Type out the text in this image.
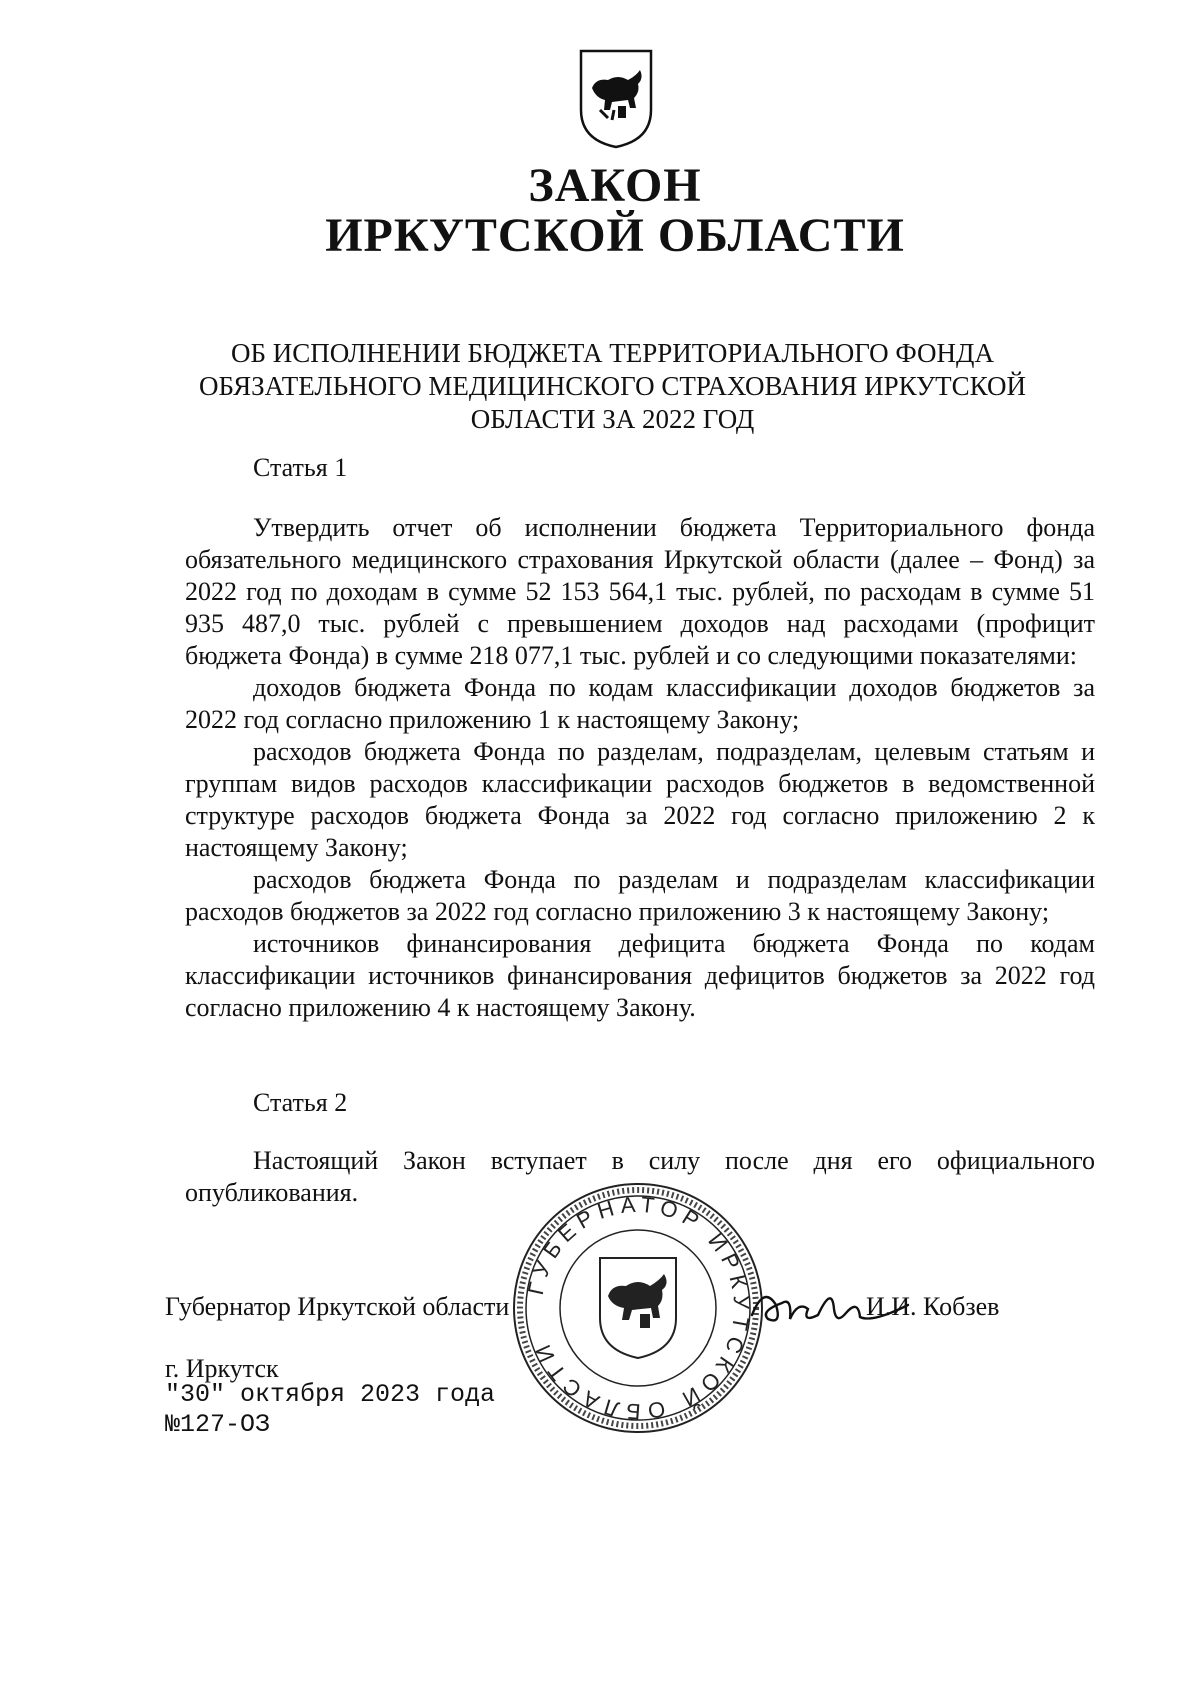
ЗАКОН
ИРКУТСКОЙ ОБЛАСТИ
ОБ ИСПОЛНЕНИИ БЮДЖЕТА ТЕРРИТОРИАЛЬНОГО ФОНДА
ОБЯЗАТЕЛЬНОГО МЕДИЦИНСКОГО СТРАХОВАНИЯ ИРКУТСКОЙ
ОБЛАСТИ ЗА 2022 ГОД
Статья 1

Утвердить отчет об исполнении бюджета Территориального фонда обязательного медицинского страхования Иркутской области (далее – Фонд) за 2022 год по доходам в сумме 52 153 564,1 тыс. рублей, по расходам в сумме 51 935 487,0 тыс. рублей с превышением доходов над расходами (профицит бюджета Фонда) в сумме 218 077,1 тыс. рублей и со следующими показателями:

доходов бюджета Фонда по кодам классификации доходов бюджетов за 2022 год согласно приложению 1 к настоящему Закону;

расходов бюджета Фонда по разделам, подразделам, целевым статьям и группам видов расходов классификации расходов бюджетов в ведомственной структуре расходов бюджета Фонда за 2022 год согласно приложению 2 к настоящему Закону;

расходов бюджета Фонда по разделам и подразделам классификации расходов бюджетов за 2022 год согласно приложению 3 к настоящему Закону;

источников финансирования дефицита бюджета Фонда по кодам классификации источников финансирования дефицитов бюджетов за 2022 год согласно приложению 4 к настоящему Закону.

Статья 2

Настоящий Закон вступает в силу после дня его официального опубликования.

ГУБЕРНАТОР ИРКУТСКОЙ ОБЛАСТИ
Губернатор Иркутской области	И.И. Кобзев
г. Иркутск
"30" октября 2023 года
№127-ОЗ
